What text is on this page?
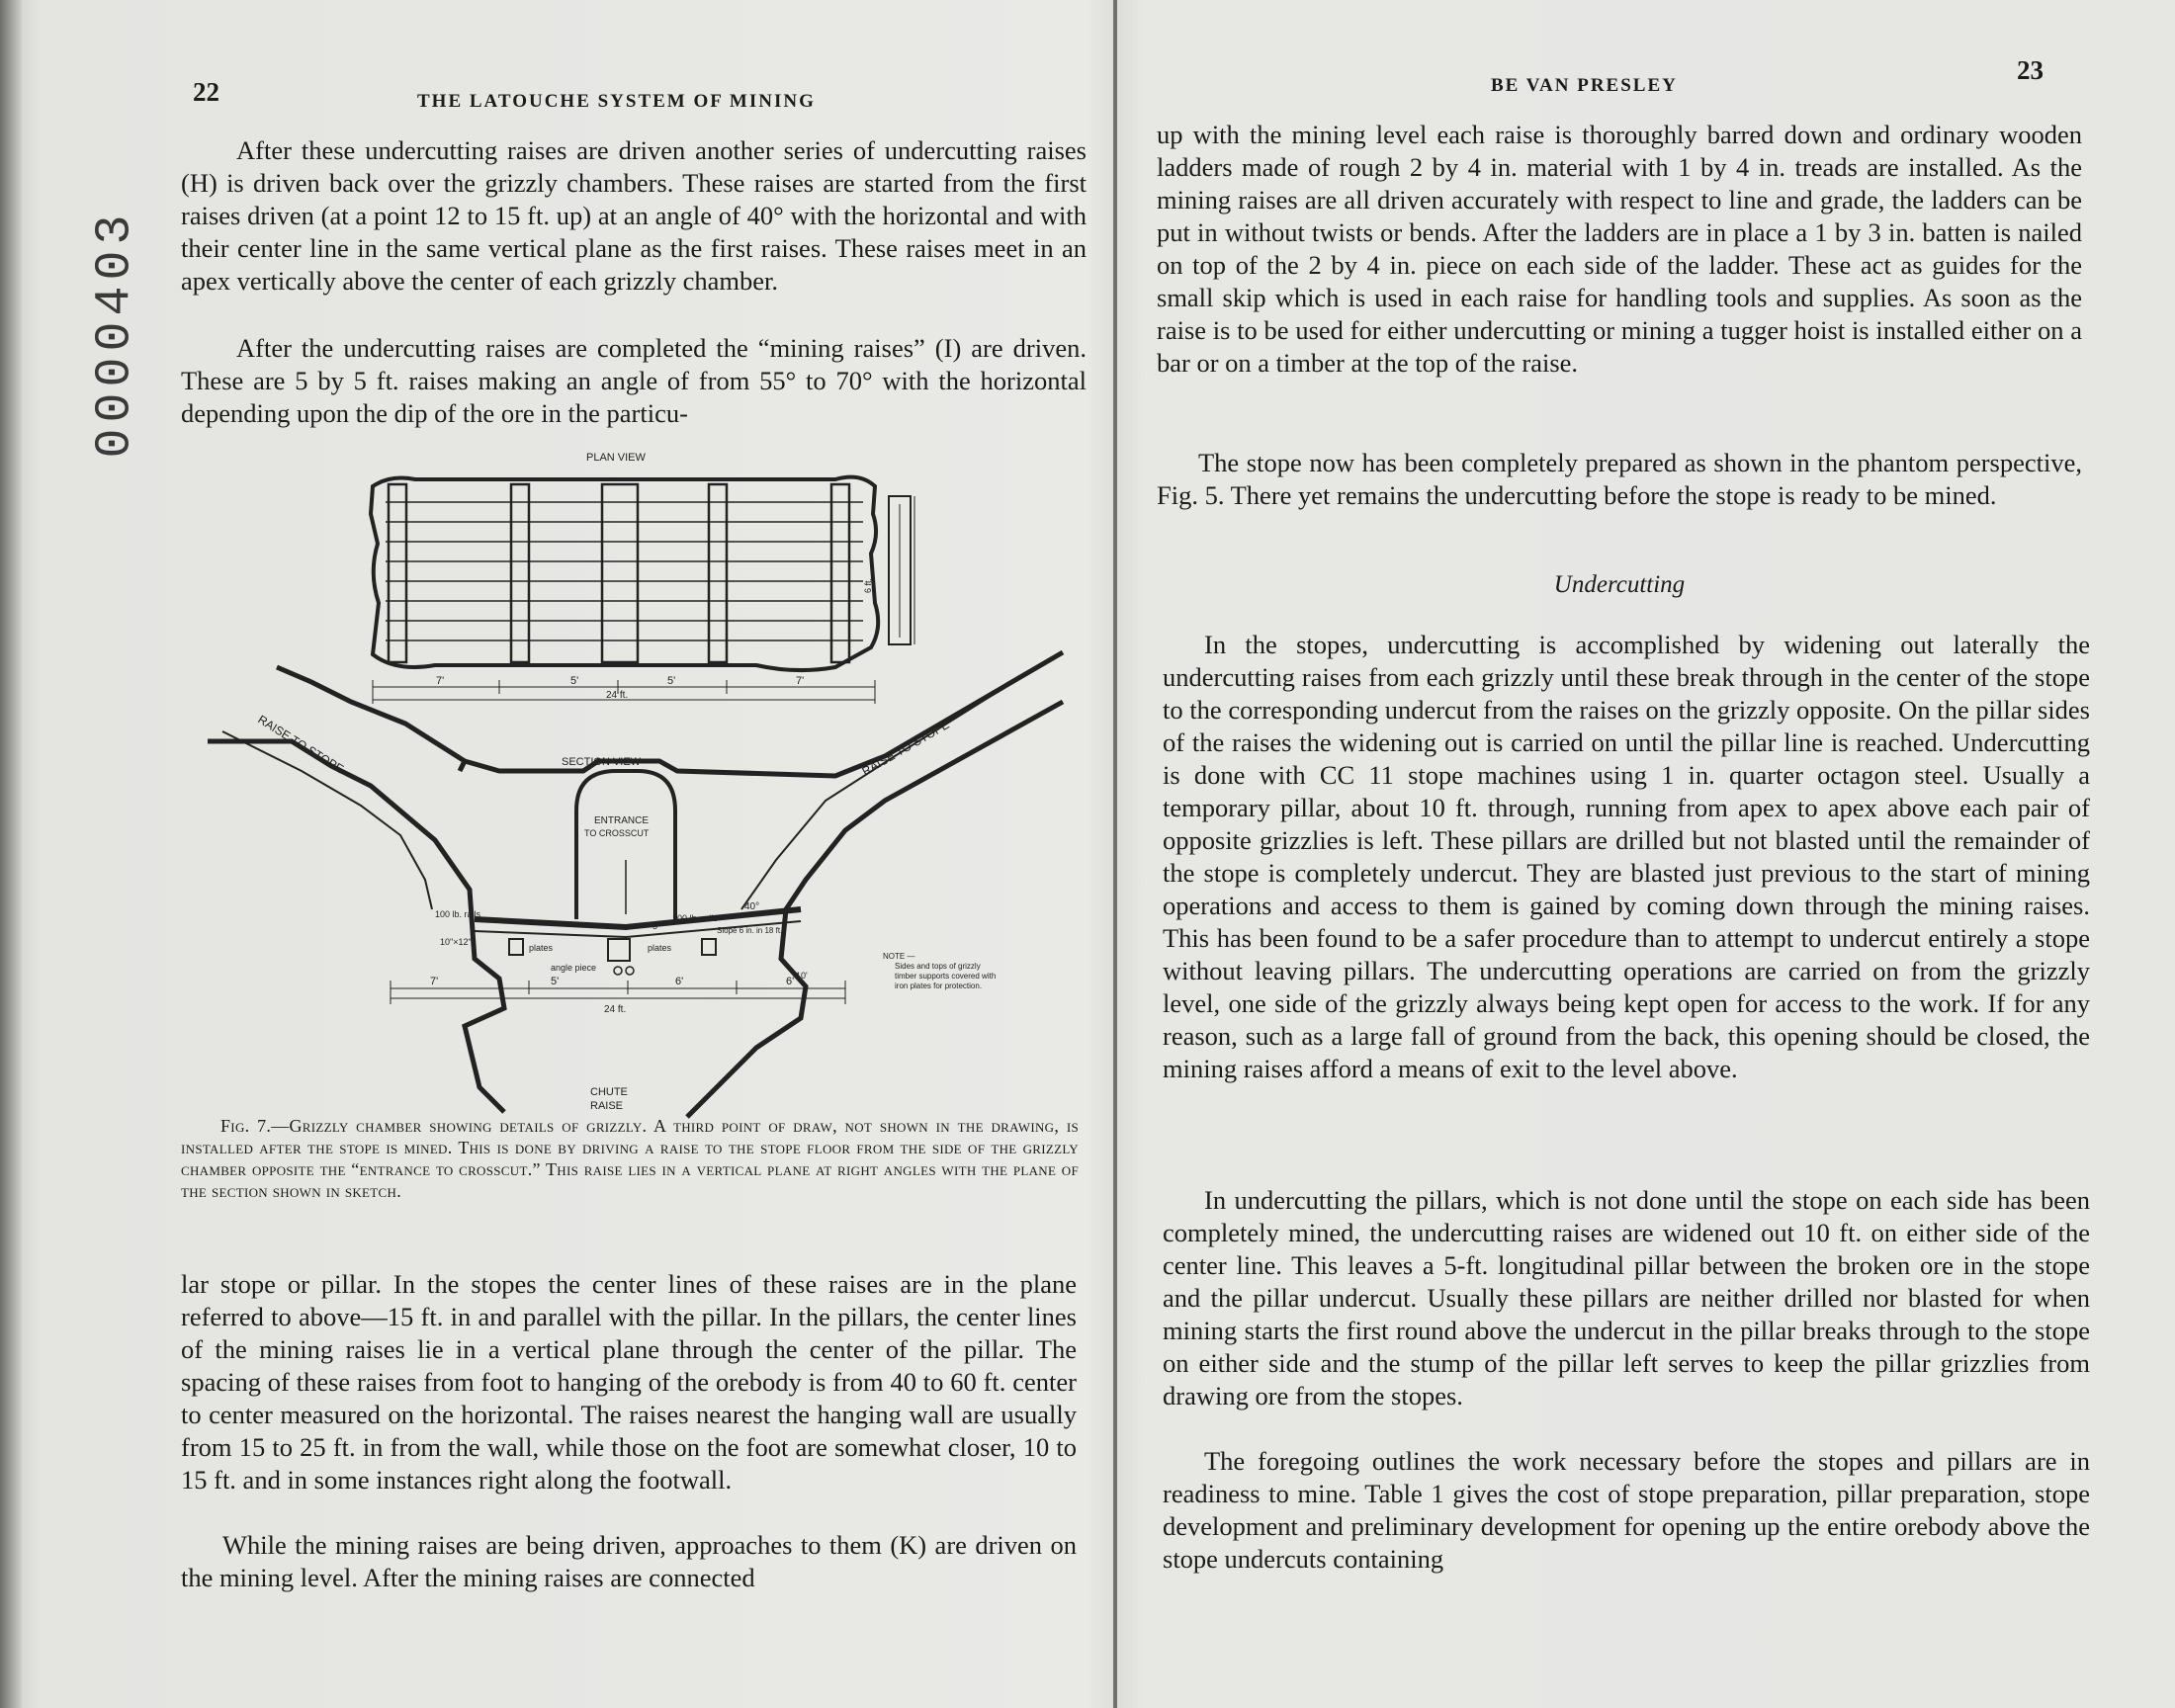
0000403
22	THE LATOUCHE SYSTEM OF MINING

After these undercutting raises are driven another series of undercutting raises (H) is driven back over the grizzly chambers. These raises are started from the first raises driven (at a point 12 to 15 ft. up) at an angle of 40° with the horizontal and with their center line in the same vertical plane as the first raises. These raises meet in an apex vertically above the center of each grizzly chamber.

After the undercutting raises are completed the “mining raises” (I) are driven. These are 5 by 5 ft. raises making an angle of from 55° to 70° with the horizontal depending upon the dip of the ore in the particu-

PLAN VIEW
6 ft.
7'	5'	5'	7'
24 ft.
ENTRANCE
TO CROSSCUT
SECTION VIEW
RAISE TO STOPE	RAISE TO STOPE
100 lb. rails	100 lb. rails
40°
Slope 6 in. in 18 ft.
10"×12"
plates	plates
angle piece
7'	5'	6'	6'
24 ft.
NOTE —
Sides and tops of grizzly
timber supports covered with
iron plates for protection.
5'
10'
CHUTE
RAISE
Fig. 7.—Grizzly chamber showing details of grizzly. A third point of draw, not shown in the drawing, is installed after the stope is mined. This is done by driving a raise to the stope floor from the side of the grizzly chamber opposite the “entrance to crosscut.” This raise lies in a vertical plane at right angles with the plane of the section shown in sketch.

lar stope or pillar. In the stopes the center lines of these raises are in the plane referred to above—15 ft. in and parallel with the pillar. In the pillars, the center lines of the mining raises lie in a vertical plane through the center of the pillar. The spacing of these raises from foot to hanging of the orebody is from 40 to 60 ft. center to center measured on the horizontal. The raises nearest the hanging wall are usually from 15 to 25 ft. in from the wall, while those on the foot are somewhat closer, 10 to 15 ft. and in some instances right along the footwall.

While the mining raises are being driven, approaches to them (K) are driven on the mining level. After the mining raises are connected

23
BE VAN PRESLEY

up with the mining level each raise is thoroughly barred down and ordinary wooden ladders made of rough 2 by 4 in. material with 1 by 4 in. treads are installed. As the mining raises are all driven accurately with respect to line and grade, the ladders can be put in without twists or bends. After the ladders are in place a 1 by 3 in. batten is nailed on top of the 2 by 4 in. piece on each side of the ladder. These act as guides for the small skip which is used in each raise for handling tools and supplies. As soon as the raise is to be used for either undercutting or mining a tugger hoist is installed either on a bar or on a timber at the top of the raise.

The stope now has been completely prepared as shown in the phantom perspective, Fig. 5. There yet remains the undercutting before the stope is ready to be mined.

Undercutting

In the stopes, undercutting is accomplished by widening out laterally the undercutting raises from each grizzly until these break through in the center of the stope to the corresponding undercut from the raises on the grizzly opposite. On the pillar sides of the raises the widening out is carried on until the pillar line is reached. Undercutting is done with CC 11 stope machines using 1 in. quarter octagon steel. Usually a temporary pillar, about 10 ft. through, running from apex to apex above each pair of opposite grizzlies is left. These pillars are drilled but not blasted until the remainder of the stope is completely undercut. They are blasted just previous to the start of mining operations and access to them is gained by coming down through the mining raises. This has been found to be a safer procedure than to attempt to undercut entirely a stope without leaving pillars. The undercutting operations are carried on from the grizzly level, one side of the grizzly always being kept open for access to the work. If for any reason, such as a large fall of ground from the back, this opening should be closed, the mining raises afford a means of exit to the level above.

In undercutting the pillars, which is not done until the stope on each side has been completely mined, the undercutting raises are widened out 10 ft. on either side of the center line. This leaves a 5-ft. longitudinal pillar between the broken ore in the stope and the pillar undercut. Usually these pillars are neither drilled nor blasted for when mining starts the first round above the undercut in the pillar breaks through to the stope on either side and the stump of the pillar left serves to keep the pillar grizzlies from drawing ore from the stopes.

The foregoing outlines the work necessary before the stopes and pillars are in readiness to mine. Table 1 gives the cost of stope preparation, pillar preparation, stope development and preliminary development for opening up the entire orebody above the stope undercuts containing
